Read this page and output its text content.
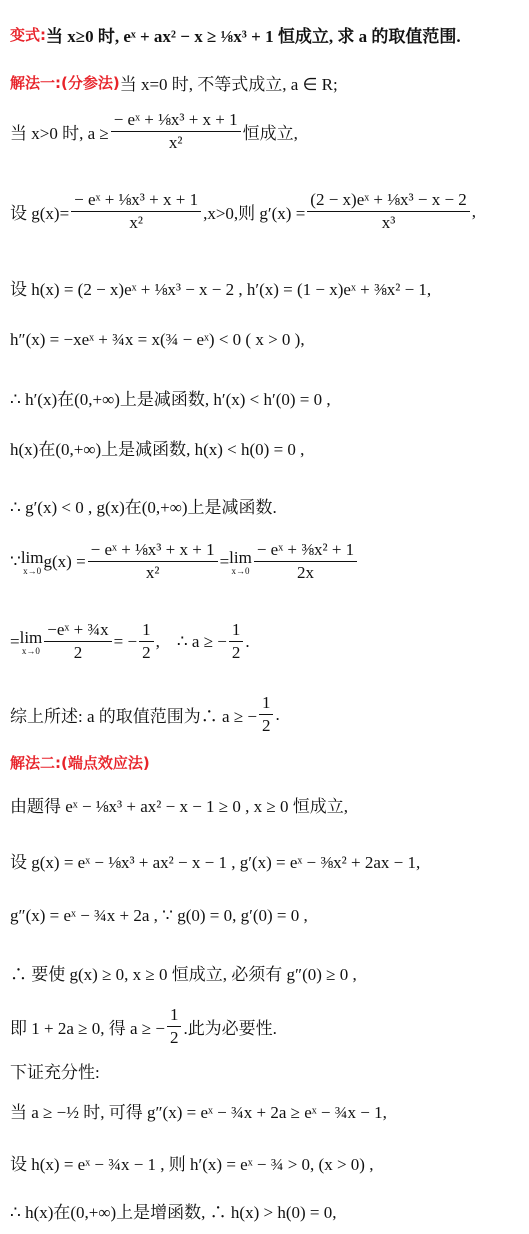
变式: 当 x≥0 时, eˣ + ax² − x ≥ ⅛x³ + 1 恒成立, 求 a 的取值范围.
解法一:(分参法) 当 x=0 时, 不等式成立, a ∈ R;
当 x>0 时, $a \ge \frac{\text{− eˣ + ⅛x³ + x + 1}}{\text{x²}}$ 恒成立,
设 $g(x)= \frac{\text{− eˣ + ⅛x³ + x + 1}}{\text{x²}} ,x>0$,则 $g'(x) = \frac{\text{(2 − x)eˣ + ⅛x³ − x − 2}}{\text{x³}}$ ,
设 h(x) = (2 − x)eˣ + ⅛x³ − x − 2 , h′(x) = (1 − x)eˣ + ⅜x² − 1,
h″(x) = −xeˣ + ¾x = x(¾ − eˣ) < 0 ( x > 0 ),
∴ h′(x)在(0,+∞)上是减函数, h′(x) < h′(0) = 0 ,
h(x)在(0,+∞)上是减函数, h(x) < h(0) = 0 ,
∴ g′(x) < 0 , g(x)在(0,+∞)上是减函数.
∵ lim
x→0 $g(x) = \frac{\text{− eˣ + ⅛x³ + x + 1}}{\text{x²}} = \lim$
$x\to 0 \frac{\text{− eˣ + ⅜x² + 1}}{2x}$
= lim
$x\to 0 \frac{\text{−eˣ + ¾x}}{2}$ = − $\frac{1}{2}$ ,    ∴ a ≥ − $\frac{1}{2}$ .
综上所述: a 的取值范围为∴ a ≥ − $\frac{1}{2}$ .
解法二:(端点效应法)
由题得 eˣ − ⅛x³ + ax² − x − 1 ≥ 0 , x ≥ 0 恒成立,
设 g(x) = eˣ − ⅛x³ + ax² − x − 1 , g′(x) = eˣ − ⅜x² + 2ax − 1,
g″(x) = eˣ − ¾x + 2a , ∵ g(0) = 0, g′(0) = 0 ,
∴ 要使 g(x) ≥ 0, x ≥ 0 恒成立, 必须有 g″(0) ≥ 0 ,
即 1 + 2a ≥ 0, 得 a ≥ − $\frac{1}{2}$ .此为必要性.
下证充分性:
当 a ≥ −½ 时, 可得 g″(x) = eˣ − ¾x + 2a ≥ eˣ − ¾x − 1,
设 h(x) = eˣ − ¾x − 1 , 则 h′(x) = eˣ − ¾ > 0, (x > 0) ,
∴ h(x)在(0,+∞)上是增函数, ∴ h(x) > h(0) = 0,
